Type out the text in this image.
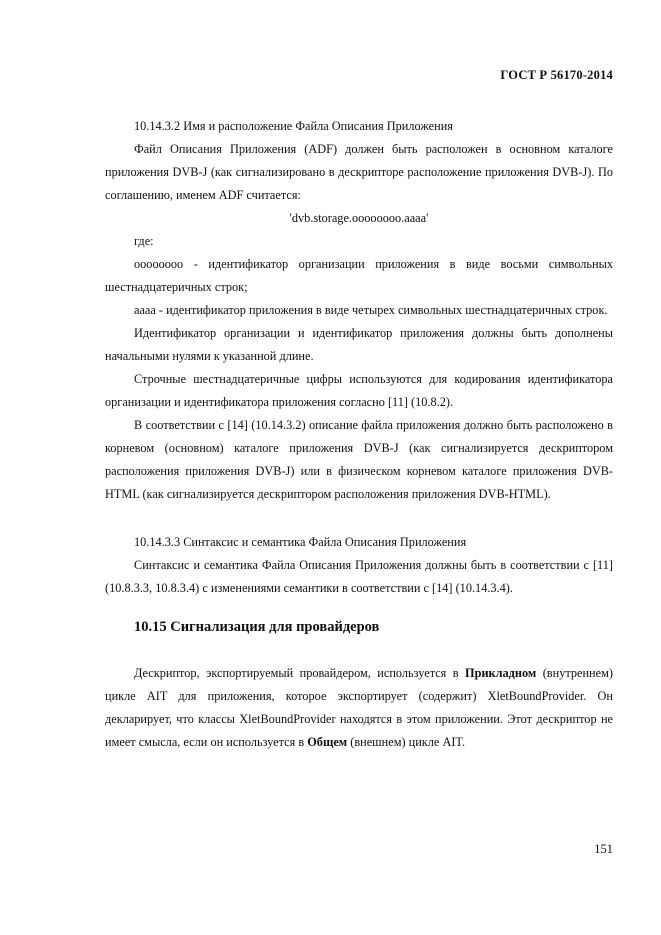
ГОСТ Р 56170-2014

10.14.3.2 Имя и расположение Файла Описания Приложения

Файл Описания Приложения (ADF) должен быть расположен в основном каталоге приложения DVB-J (как сигнализировано в дескрипторе расположение приложения DVB-J). По соглашению, именем ADF считается:

'dvb.storage.oooooooo.aaaa'

где:

oooooooo - идентификатор организации приложения в виде восьми символьных шестнадцатеричных строк;

aaaa - идентификатор приложения в виде четырех символьных шестнадцатеричных строк.

Идентификатор организации и идентификатор приложения должны быть дополнены начальными нулями к указанной длине.

Строчные шестнадцатеричные цифры используются для кодирования идентификатора организации и идентификатора приложения согласно [11] (10.8.2).

В соответствии с [14] (10.14.3.2) описание файла приложения должно быть расположено в корневом (основном) каталоге приложения DVB-J (как сигнализируется дескриптором расположения приложения DVB-J) или в физическом корневом каталоге приложения DVB-HTML (как сигнализируется дескриптором расположения приложения DVB-HTML).

10.14.3.3 Синтаксис и семантика Файла Описания Приложения

Синтаксис и семантика Файла Описания Приложения должны быть в соответствии с [11] (10.8.3.3, 10.8.3.4) с изменениями семантики в соответствии с [14] (10.14.3.4).

10.15 Сигнализация для провайдеров

Дескриптор, экспортируемый провайдером, используется в Прикладном (внутреннем) цикле AIT для приложения, которое экспортирует (содержит) XletBoundProvider. Он декларирует, что классы XletBoundProvider находятся в этом приложении. Этот дескриптор не имеет смысла, если он используется в Общем (внешнем) цикле AIT.

151
